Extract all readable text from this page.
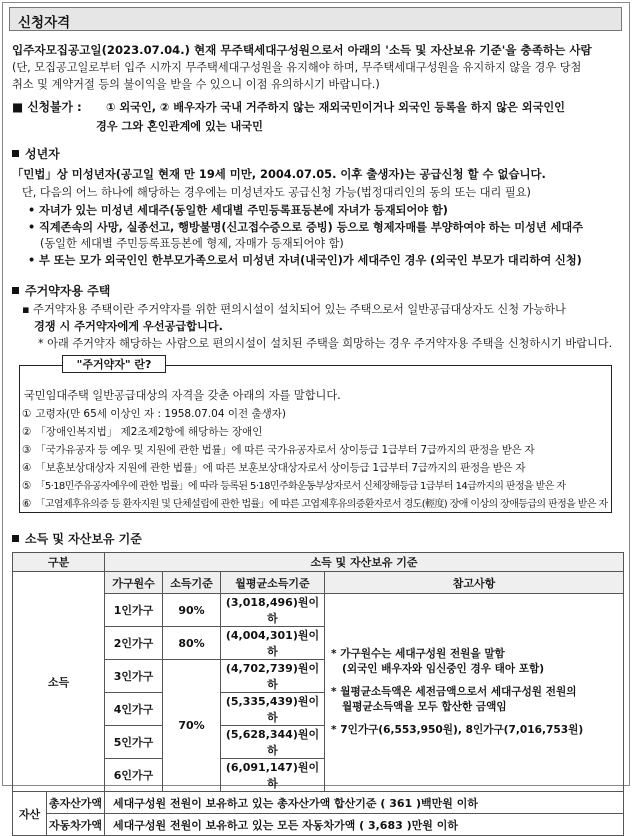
신청자격
입주자모집공고일(2023.07.04.) 현재 무주택세대구성원으로서 아래의 '소득 및 자산보유 기준'을 충족하는 사람
(단, 모집공고일로부터 입주 시까지 무주택세대구성원을 유지해야 하며, 무주택세대구성원을 유지하지 않을 경우 당첨
취소 및 계약거절 등의 불이익을 받을 수 있으니 이점 유의하시기 바랍니다.)
■ 신청불가 : ① 외국인, ② 배우자가 국내 거주하지 않는 재외국민이거나 외국인 등록을 하지 않은 외국인인
경우 그와 혼인관계에 있는 내국민
성년자
「민법」상 미성년자(공고일 현재 만 19세 미만, 2004.07.05. 이후 출생자)는 공급신청 할 수 없습니다.
단, 다음의 어느 하나에 해당하는 경우에는 미성년자도 공급신청 가능(법정대리인의 동의 또는 대리 필요)
• 자녀가 있는 미성년 세대주(동일한 세대별 주민등록표등본에 자녀가 등재되어야 함)
• 직계존속의 사망, 실종선고, 행방불명(신고접수증으로 증빙) 등으로 형제자매를 부양하여야 하는 미성년 세대주
(동일한 세대별 주민등록표등본에 형제, 자매가 등재되어야 함)
• 부 또는 모가 외국인인 한부모가족으로서 미성년 자녀(내국인)가 세대주인 경우 (외국인 부모가 대리하여 신청)
주거약자용 주택
▪ 주거약자용 주택이란 주거약자를 위한 편의시설이 설치되어 있는 주택으로서 일반공급대상자도 신청 가능하나
경쟁 시 주거약자에게 우선공급합니다.
* 아래 주거약자 해당하는 사람으로 편의시설이 설치된 주택을 희망하는 경우 주거약자용 주택을 신청하시기 바랍니다.
"주거약자" 란?
국민임대주택 일반공급대상의 자격을 갖춘 아래의 자를 말합니다.
① 고령자(만 65세 이상인 자 : 1958.07.04 이전 출생자)
② 「장애인복지법」 제2조제2항에 해당하는 장애인
③ 「국가유공자 등 예우 및 지원에 관한 법률」에 따른 국가유공자로서 상이등급 1급부터 7급까지의 판정을 받은 자
④ 「보훈보상대상자 지원에 관한 법률」에 따른 보훈보상대상자로서 상이등급 1급부터 7급까지의 판정을 받은 자
⑤ 「5·18민주유공자예우에 관한 법률」에 따라 등록된 5·18민주화운동부상자로서 신체장해등급 1급부터 14급까지의 판정을 받은 자
⑥ 「고엽제후유의증 등 환자지원 및 단체설립에 관한 법률」에 따른 고엽제후유의증환자로서 경도(輕度) 장애 이상의 장애등급의 판정을 받은 자
소득 및 자산보유 기준
구분		소득 및 자산보유 기준			
소득		가구원수	소득기준	월평균소득기준	참고사항
		1인가구	90%	(3,018,496)원이하	* 가구원수는 세대구성원 전원을 말함
(외국인 배우자와 임신중인 경우 태아 포함)
* 월평균소득액은 세전금액으로서 세대구성원 전원의
월평균소득액을 모두 합산한 금액임
* 7인가구(6,553,950원), 8인가구(7,016,753원)

		2인가구	80%	(4,004,301)원이하	
		3인가구	70%	(4,702,739)원이하	
		4인가구		(5,335,439)원이하	
		5인가구		(5,628,344)원이하	
		6인가구		(6,091,147)원이하	
자산	총자산가액	세대구성원 전원이 보유하고 있는 총자산가액 합산기준 ( 361 )백만원 이하			
	자동차가액	세대구성원 전원이 보유하고 있는 모든 자동차가액 ( 3,683 )만원 이하			
